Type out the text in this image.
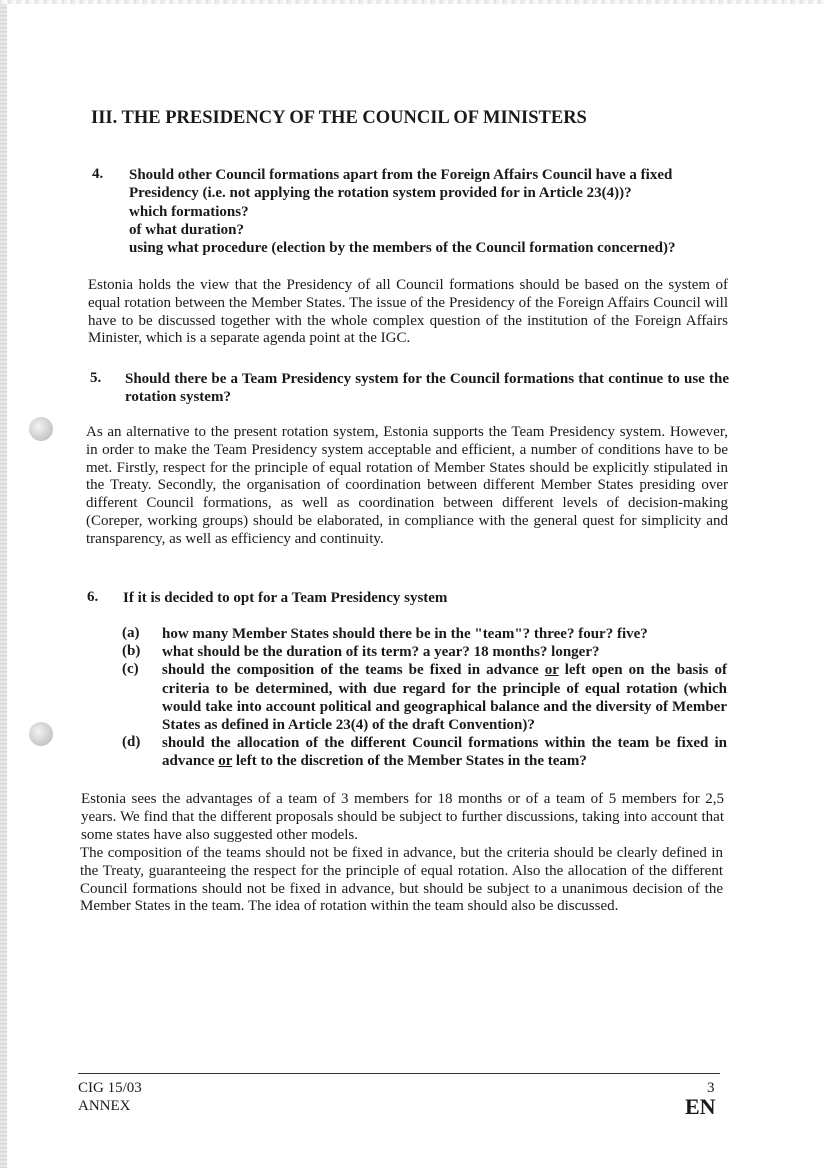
III. THE PRESIDENCY OF THE COUNCIL OF MINISTERS
4. Should other Council formations apart from the Foreign Affairs Council have a fixed
Presidency (i.e. not applying the rotation system provided for in Article 23(4))?
which formations?
of what duration?
using what procedure (election by the members of the Council formation concerned)?
Estonia holds the view that the Presidency of all Council formations should be based on the system of equal rotation between the Member States. The issue of the Presidency of the Foreign Affairs Council will have to be discussed together with the whole complex question of the institution of the Foreign Affairs Minister, which is a separate agenda point at the IGC.
5. Should there be a Team Presidency system for the Council formations that continue to use the rotation system?
As an alternative to the present rotation system, Estonia supports the Team Presidency system. However, in order to make the Team Presidency system acceptable and efficient, a number of conditions have to be met. Firstly, respect for the principle of equal rotation of Member States should be explicitly stipulated in the Treaty. Secondly, the organisation of coordination between different Member States presiding over different Council formations, as well as coordination between different levels of decision-making (Coreper, working groups) should be elaborated, in compliance with the general quest for simplicity and transparency, as well as efficiency and continuity.
6. If it is decided to opt for a Team Presidency system
(a)	how many Member States should there be in the "team"? three? four? five?
(b)	what should be the duration of its term? a year? 18 months? longer?
(c)	should the composition of the teams be fixed in advance or left open on the basis of criteria to be determined, with due regard for the principle of equal rotation (which would take into account political and geographical balance and the diversity of Member States as defined in Article 23(4) of the draft Convention)?
(d)	should the allocation of the different Council formations within the team be fixed in advance or left to the discretion of the Member States in the team?
Estonia sees the advantages of a team of 3 members for 18 months or of a team of 5 members for 2,5 years. We find that the different proposals should be subject to further discussions, taking into account that some states have also suggested other models.
The composition of the teams should not be fixed in advance, but the criteria should be clearly defined in the Treaty, guaranteeing the respect for the principle of equal rotation. Also the allocation of the different Council formations should not be fixed in advance, but should be subject to a unanimous decision of the Member States in the team. The idea of rotation within the team should also be discussed.
CIG 15/03
ANNEX
3
EN
